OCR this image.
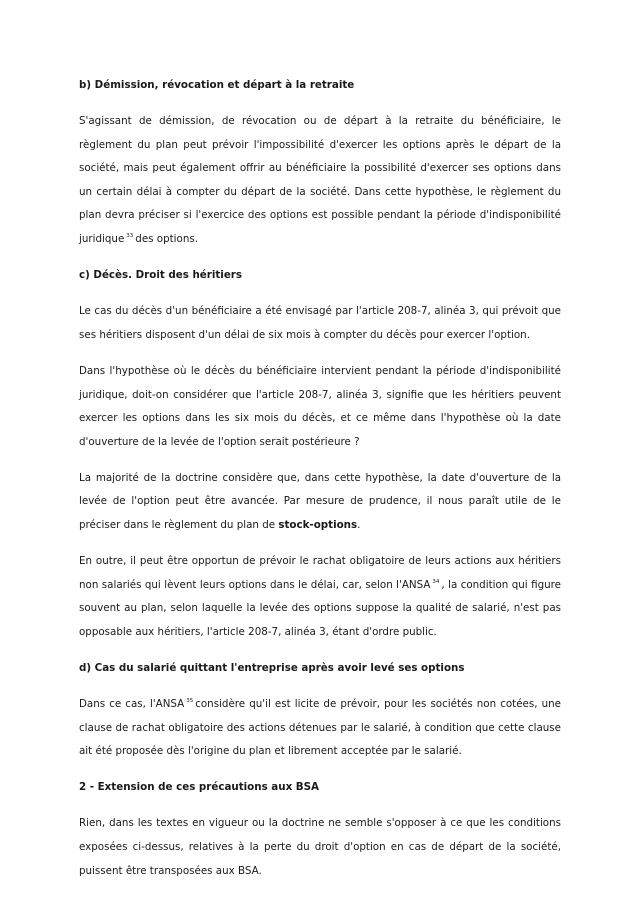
b) Démission, révocation et départ à la retraite
S'agissant de démission, de révocation ou de départ à la retraite du bénéficiaire, le règlement du plan peut prévoir l'impossibilité d'exercer les options après le départ de la société, mais peut également offrir au bénéficiaire la possibilité d'exercer ses options dans un certain délai à compter du départ de la société. Dans cette hypothèse, le règlement du plan devra préciser si l'exercice des options est possible pendant la période d'indisponibilité juridique $^{33}$ des options.
c) Décès. Droit des héritiers
Le cas du décès d'un bénéficiaire a été envisagé par l'article 208-7, alinéa 3, qui prévoit que ses héritiers disposent d'un délai de six mois à compter du décès pour exercer l'option.
Dans l'hypothèse où le décès du bénéficiaire intervient pendant la période d'indisponibilité juridique, doit-on considérer que l'article 208-7, alinéa 3, signifie que les héritiers peuvent exercer les options dans les six mois du décès, et ce même dans l'hypothèse où la date d'ouverture de la levée de l'option serait postérieure ?
La majorité de la doctrine considère que, dans cette hypothèse, la date d'ouverture de la levée de l'option peut être avancée. Par mesure de prudence, il nous paraît utile de le préciser dans le règlement du plan de stock-options.
En outre, il peut être opportun de prévoir le rachat obligatoire de leurs actions aux héritiers non salariés qui lèvent leurs options dans le délai, car, selon l'ANSA $^{34}$ , la condition qui figure souvent au plan, selon laquelle la levée des options suppose la qualité de salarié, n'est pas opposable aux héritiers, l'article 208-7, alinéa 3, étant d'ordre public.
d) Cas du salarié quittant l'entreprise après avoir levé ses options
Dans ce cas, l'ANSA $^{35}$ considère qu'il est licite de prévoir, pour les sociétés non cotées, une clause de rachat obligatoire des actions détenues par le salarié, à condition que cette clause ait été proposée dès l'origine du plan et librement acceptée par le salarié.
2 - Extension de ces précautions aux BSA
Rien, dans les textes en vigueur ou la doctrine ne semble s'opposer à ce que les conditions exposées ci-dessus, relatives à la perte du droit d'option en cas de départ de la société, puissent être transposées aux BSA.
